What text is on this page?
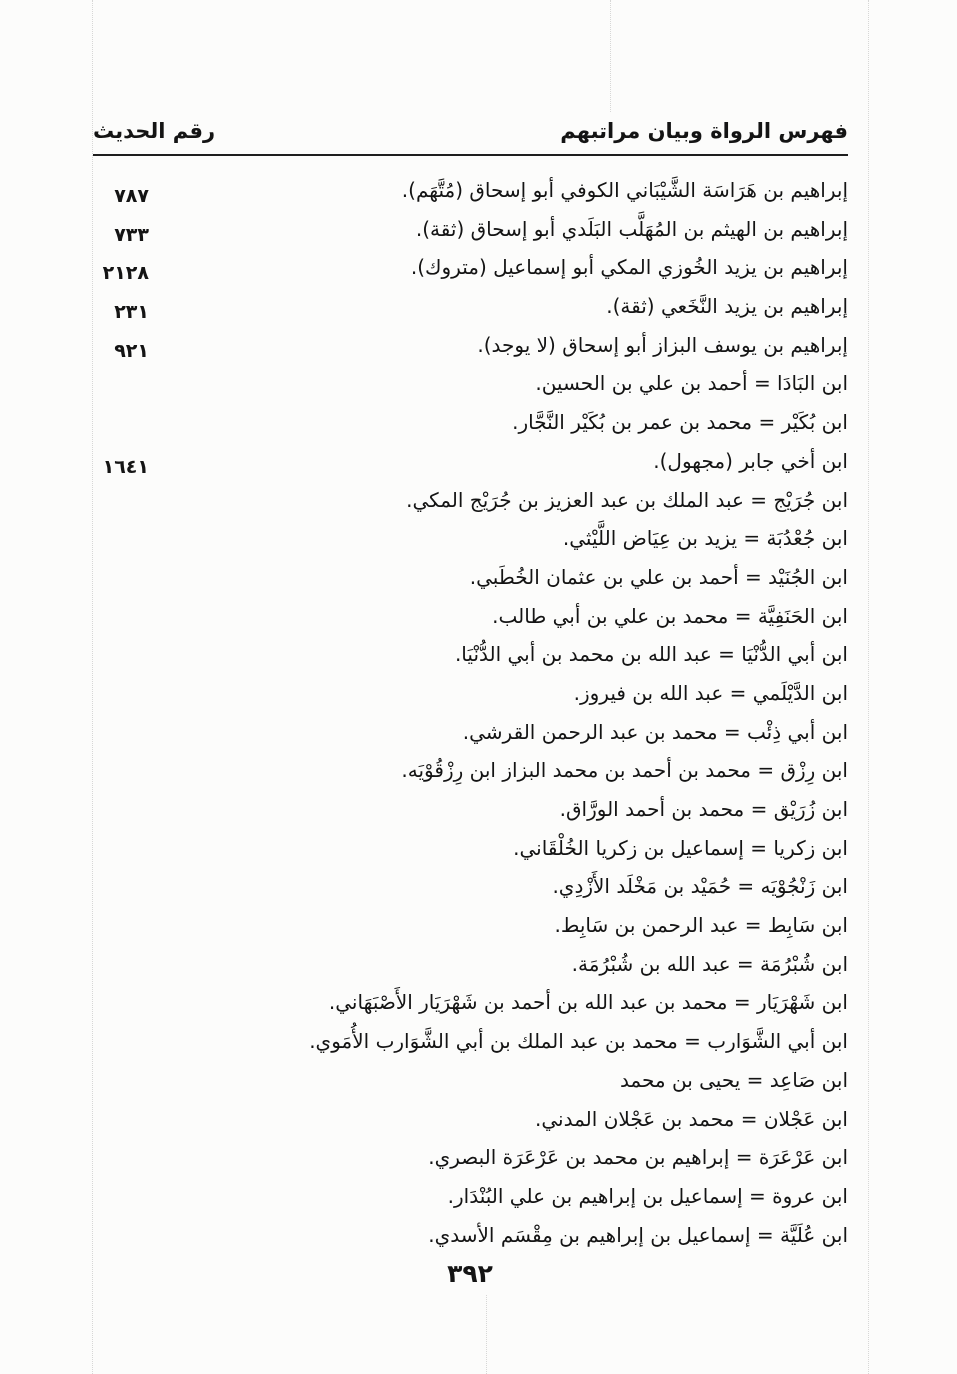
فهرس الرواة وبيان مراتبهم
رقم الحديث
إبراهيم بن هَرَاسَة الشَّيْبَاني الكوفي أبو إسحاق (مُتَّهَم).
٧٨٧
إبراهيم بن الهيثم بن المُهَلَّب البَلَدي أبو إسحاق (ثقة).
٧٣٣
إبراهيم بن يزيد الخُوزي المكي أبو إسماعيل (متروك).
٢١٢٨
إبراهيم بن يزيد النَّخَعي (ثقة).
٢٣١
إبراهيم بن يوسف البزاز أبو إسحاق (لا يوجد).
٩٢١
ابن البَادَا = أحمد بن علي بن الحسين.
ابن بُكَيْر = محمد بن عمر بن بُكَيْر النَّجَّار.
ابن أخي جابر (مجهول).
١٦٤١
ابن جُرَيْج = عبد الملك بن عبد العزيز بن جُرَيْج المكي.
ابن جُعْدُبَة = يزيد بن عِيَاض اللَّيْثي.
ابن الجُنَيْد = أحمد بن علي بن عثمان الخُطَبي.
ابن الحَنَفِيَّة = محمد بن علي بن أبي طالب.
ابن أبي الدُّنْيَا = عبد الله بن محمد بن أبي الدُّنْيَا.
ابن الدَّيْلَمي = عبد الله بن فيروز.
ابن أبي ذِئْب = محمد بن عبد الرحمن القرشي.
ابن رِزْق = محمد بن أحمد بن محمد البزاز ابن رِزْقُوْيَه.
ابن زُرَيْق = محمد بن أحمد الورَّاق.
ابن زكريا = إسماعيل بن زكريا الخُلْقَاني.
ابن زَنْجُوْيَه = حُمَيْد بن مَخْلَد الأَزْدِي.
ابن سَابِط = عبد الرحمن بن سَابِط.
ابن شُبْرُمَة = عبد الله بن شُبْرُمَة.
ابن شَهْرَيَار = محمد بن عبد الله بن أحمد بن شَهْرَيَار الأَصْبَهَاني.
ابن أبي الشَّوَارب = محمد بن عبد الملك بن أبي الشَّوَارب الأُمَوي.
ابن صَاعِد = يحيى بن محمد
ابن عَجْلان = محمد بن عَجْلان المدني.
ابن عَرْعَرَة = إبراهيم بن محمد بن عَرْعَرَة البصري.
ابن عروة = إسماعيل بن إبراهيم بن علي البُنْدَار.
ابن عُلَيَّة = إسماعيل بن إبراهيم بن مِقْسَم الأسدي.
٣٩٢
